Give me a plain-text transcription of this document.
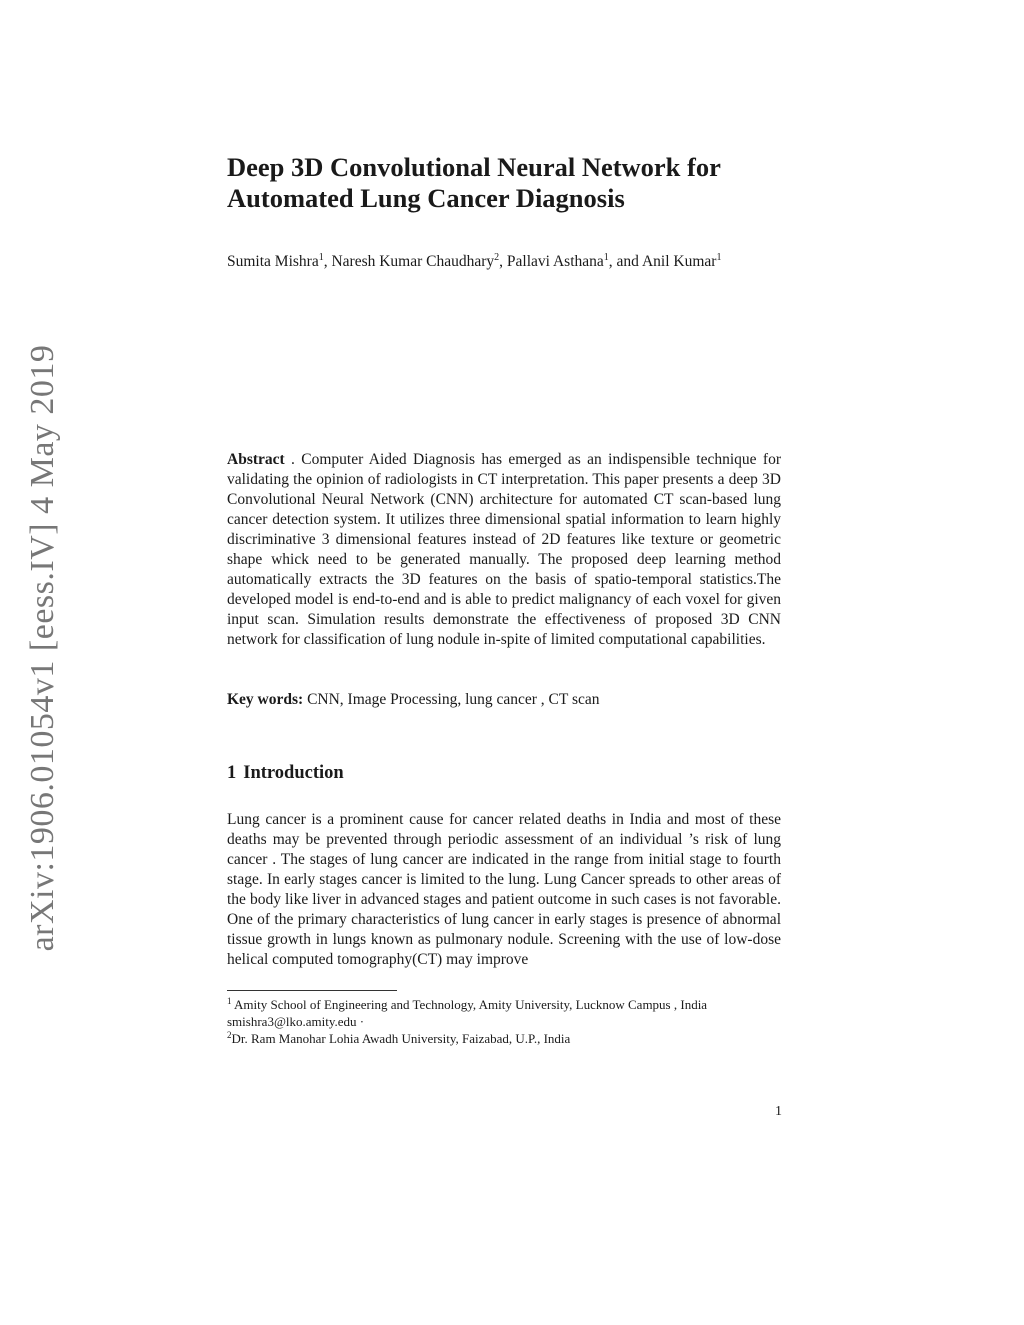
arXiv:1906.01054v1 [eess.IV] 4 May 2019
Deep 3D Convolutional Neural Network for
Automated Lung Cancer Diagnosis
Sumita Mishra$^1$, Naresh Kumar Chaudhary$^2$, Pallavi Asthana$^1$, and Anil Kumar$^1$

Abstract . Computer Aided Diagnosis has emerged as an indispensible technique for validating the opinion of radiologists in CT interpretation. This paper presents a deep 3D Convolutional Neural Network (CNN) architecture for automated CT scan-based lung cancer detection system. It utilizes three dimensional spatial information to learn highly discriminative 3 dimensional features instead of 2D features like texture or geometric shape whick need to be generated manually. The proposed deep learning method automatically extracts the 3D features on the basis of spatio-temporal statistics.The developed model is end-to-end and is able to predict malignancy of each voxel for given input scan. Simulation results demonstrate the effectiveness of proposed 3D CNN network for classification of lung nodule in-spite of limited computational capabilities.

Key words: CNN, Image Processing, lung cancer , CT scan
1 Introduction

Lung cancer is a prominent cause for cancer related deaths in India and most of these deaths may be prevented through periodic assessment of an individual ’s risk of lung cancer . The stages of lung cancer are indicated in the range from initial stage to fourth stage. In early stages cancer is limited to the lung. Lung Cancer spreads to other areas of the body like liver in advanced stages and patient outcome in such cases is not favorable. One of the primary characteristics of lung cancer in early stages is presence of abnormal tissue growth in lungs known as pulmonary nodule. Screening with the use of low-dose helical computed tomography(CT) may improve

$^1$ Amity School of Engineering and Technology, Amity University, Lucknow Campus , India
smishra3@lko.amity.edu ·
$^2$Dr. Ram Manohar Lohia Awadh University, Faizabad, U.P., India
1
